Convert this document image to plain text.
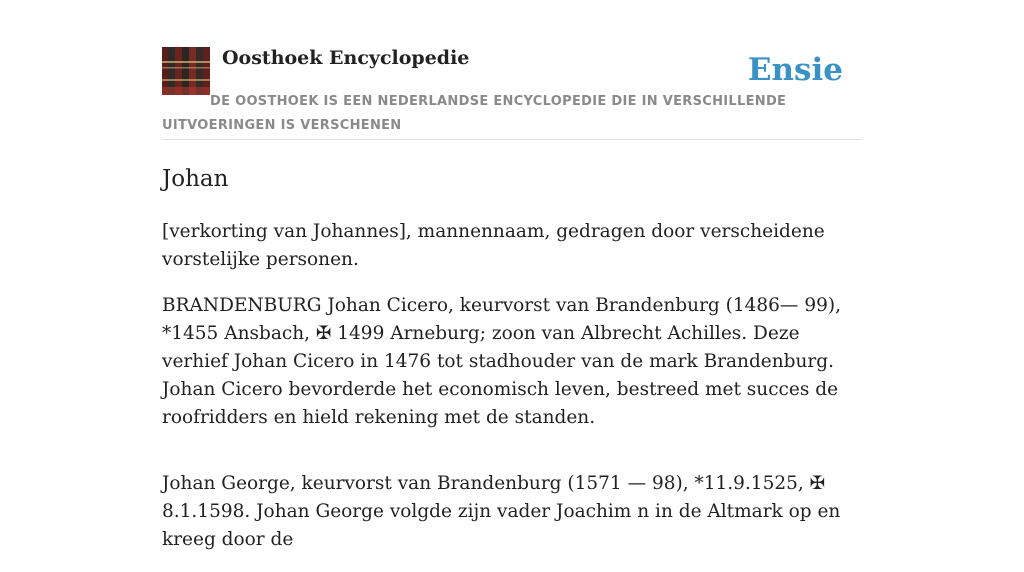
Oosthoek Encyclopedie	Ensie

DE OOSTHOEK IS EEN NEDERLANDSE ENCYCLOPEDIE DIE IN VERSCHILLENDE UITVOERINGEN IS VERSCHENEN

Johan

[verkorting van Johannes], mannennaam, gedragen door verscheidene vorstelijke personen.

BRANDENBURG Johan Cicero, keurvorst van Brandenburg (1486— 99), *1455 Ansbach, ✠ 1499 Arneburg; zoon van Albrecht Achilles. Deze verhief Johan Cicero in 1476 tot stadhouder van de mark Brandenburg. Johan Cicero bevorderde het economisch leven, bestreed met succes de roofridders en hield rekening met de standen.

Johan George, keurvorst van Brandenburg (1571 — 98), *11.9.1525, ✠ 8.1.1598. Johan George volgde zijn vader Joachim n in de Altmark op en kreeg door de
